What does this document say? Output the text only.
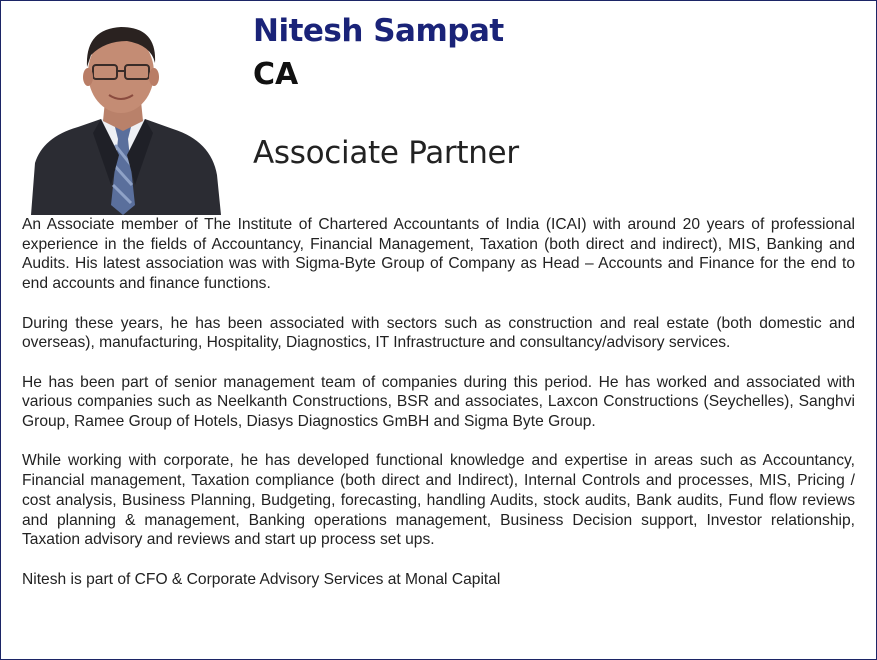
Nitesh Sampat
CA
Associate Partner

An Associate member of The Institute of Chartered Accountants of India (ICAI) with around 20 years of professional experience in the fields of Accountancy, Financial Management, Taxation (both direct and indirect), MIS, Banking and Audits. His latest association was with Sigma-Byte Group of Company as Head – Accounts and Finance for the end to end accounts and finance functions.

During these years, he has been associated with sectors such as construction and real estate (both domestic and overseas), manufacturing, Hospitality, Diagnostics, IT Infrastructure and consultancy/advisory services.

He has been part of senior management team of companies during this period. He has worked and associated with various companies such as Neelkanth Constructions, BSR and associates, Laxcon Constructions (Seychelles), Sanghvi Group, Ramee Group of Hotels, Diasys Diagnostics GmBH and Sigma Byte Group.

While working with corporate, he has developed functional knowledge and expertise in areas such as Accountancy, Financial management, Taxation compliance (both direct and Indirect), Internal Controls and processes, MIS, Pricing / cost analysis, Business Planning, Budgeting, forecasting, handling Audits, stock audits, Bank audits, Fund flow reviews and planning & management, Banking operations management, Business Decision support, Investor relationship, Taxation advisory and reviews and start up process set ups.

Nitesh is part of CFO & Corporate Advisory Services at Monal Capital
